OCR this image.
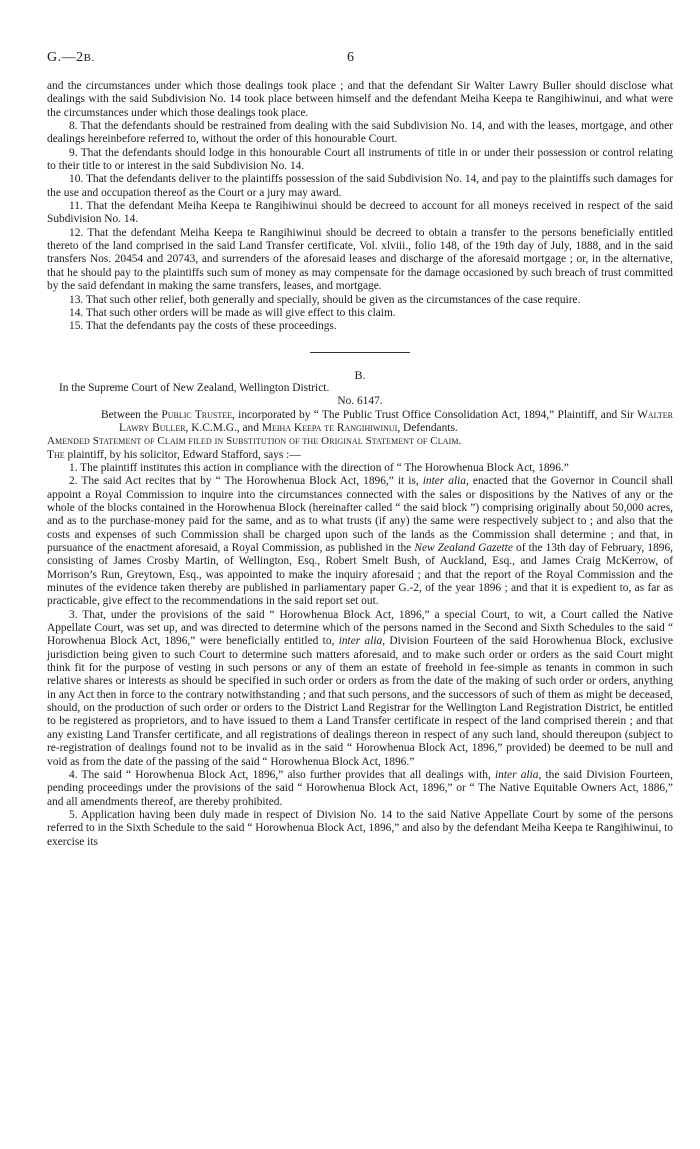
G.—2B.	6

and the circumstances under which those dealings took place ; and that the defendant Sir Walter Lawry Buller should disclose what dealings with the said Subdivision No. 14 took place between himself and the defendant Meiha Keepa te Rangihiwinui, and what were the circumstances under which those dealings took place.

8. That the defendants should be restrained from dealing with the said Subdivision No. 14, and with the leases, mortgage, and other dealings hereinbefore referred to, without the order of this honourable Court.

9. That the defendants should lodge in this honourable Court all instruments of title in or under their possession or control relating to their title to or interest in the said Subdivision No. 14.

10. That the defendants deliver to the plaintiffs possession of the said Subdivision No. 14, and pay to the plaintiffs such damages for the use and occupation thereof as the Court or a jury may award.

11. That the defendant Meiha Keepa te Rangihiwinui should be decreed to account for all moneys received in respect of the said Subdivision No. 14.

12. That the defendant Meiha Keepa te Rangihiwinui should be decreed to obtain a transfer to the persons beneficially entitled thereto of the land comprised in the said Land Transfer certificate, Vol. xlviii., folio 148, of the 19th day of July, 1888, and in the said transfers Nos. 20454 and 20743, and surrenders of the aforesaid leases and discharge of the aforesaid mortgage ; or, in the alternative, that he should pay to the plaintiffs such sum of money as may compensate for the damage occasioned by such breach of trust committed by the said defendant in making the same transfers, leases, and mortgage.

13. That such other relief, both generally and specially, should be given as the circumstances of the case require.

14. That such other orders will be made as will give effect to this claim.

15. That the defendants pay the costs of these proceedings.

B.

In the Supreme Court of New Zealand, Wellington District.

No. 6147.

Between the Public Trustee, incorporated by “ The Public Trust Office Consolidation Act, 1894,” Plaintiff, and Sir Walter Lawry Buller, K.C.M.G., and Meiha Keepa te Rangihiwinui, Defendants.

Amended Statement of Claim filed in Substitution of the Original Statement of Claim.

The plaintiff, by his solicitor, Edward Stafford, says :—

1. The plaintiff institutes this action in compliance with the direction of “ The Horowhenua Block Act, 1896.”

2. The said Act recites that by “ The Horowhenua Block Act, 1896,” it is, inter alia, enacted that the Governor in Council shall appoint a Royal Commission to inquire into the circumstances connected with the sales or dispositions by the Natives of any or the whole of the blocks contained in the Horowhenua Block (hereinafter called “ the said block ”) comprising originally about 50,000 acres, and as to the purchase-money paid for the same, and as to what trusts (if any) the same were respectively subject to ; and also that the costs and expenses of such Commission shall be charged upon such of the lands as the Commission shall determine ; and that, in pursuance of the enactment aforesaid, a Royal Commission, as published in the New Zealand Gazette of the 13th day of February, 1896, consisting of James Crosby Martin, of Wellington, Esq., Robert Smelt Bush, of Auckland, Esq., and James Craig McKerrow, of Morrison’s Run, Greytown, Esq., was appointed to make the inquiry aforesaid ; and that the report of the Royal Commission and the minutes of the evidence taken thereby are published in parliamentary paper G.-2, of the year 1896 ; and that it is expedient to, as far as practicable, give effect to the recommendations in the said report set out.

3. That, under the provisions of the said “ Horowhenua Block Act, 1896,” a special Court, to wit, a Court called the Native Appellate Court, was set up, and was directed to determine which of the persons named in the Second and Sixth Schedules to the said “ Horowhenua Block Act, 1896,” were beneficially entitled to, inter alia, Division Fourteen of the said Horowhenua Block, exclusive jurisdiction being given to such Court to determine such matters aforesaid, and to make such order or orders as the said Court might think fit for the purpose of vesting in such persons or any of them an estate of freehold in fee-simple as tenants in common in such relative shares or interests as should be specified in such order or orders as from the date of the making of such order or orders, anything in any Act then in force to the contrary notwithstanding ; and that such persons, and the successors of such of them as might be deceased, should, on the production of such order or orders to the District Land Registrar for the Wellington Land Registration District, be entitled to be registered as proprietors, and to have issued to them a Land Transfer certificate in respect of the land comprised therein ; and that any existing Land Transfer certificate, and all registrations of dealings thereon in respect of any such land, should thereupon (subject to re-registration of dealings found not to be invalid as in the said “ Horowhenua Block Act, 1896,” provided) be deemed to be null and void as from the date of the passing of the said “ Horowhenua Block Act, 1896.”

4. The said “ Horowhenua Block Act, 1896,” also further provides that all dealings with, inter alia, the said Division Fourteen, pending proceedings under the provisions of the said “ Horowhenua Block Act, 1896,” or “ The Native Equitable Owners Act, 1886,” and all amendments thereof, are thereby prohibited.

5. Application having been duly made in respect of Division No. 14 to the said Native Appellate Court by some of the persons referred to in the Sixth Schedule to the said “ Horowhenua Block Act, 1896,” and also by the defendant Meiha Keepa te Rangihiwinui, to exercise its
